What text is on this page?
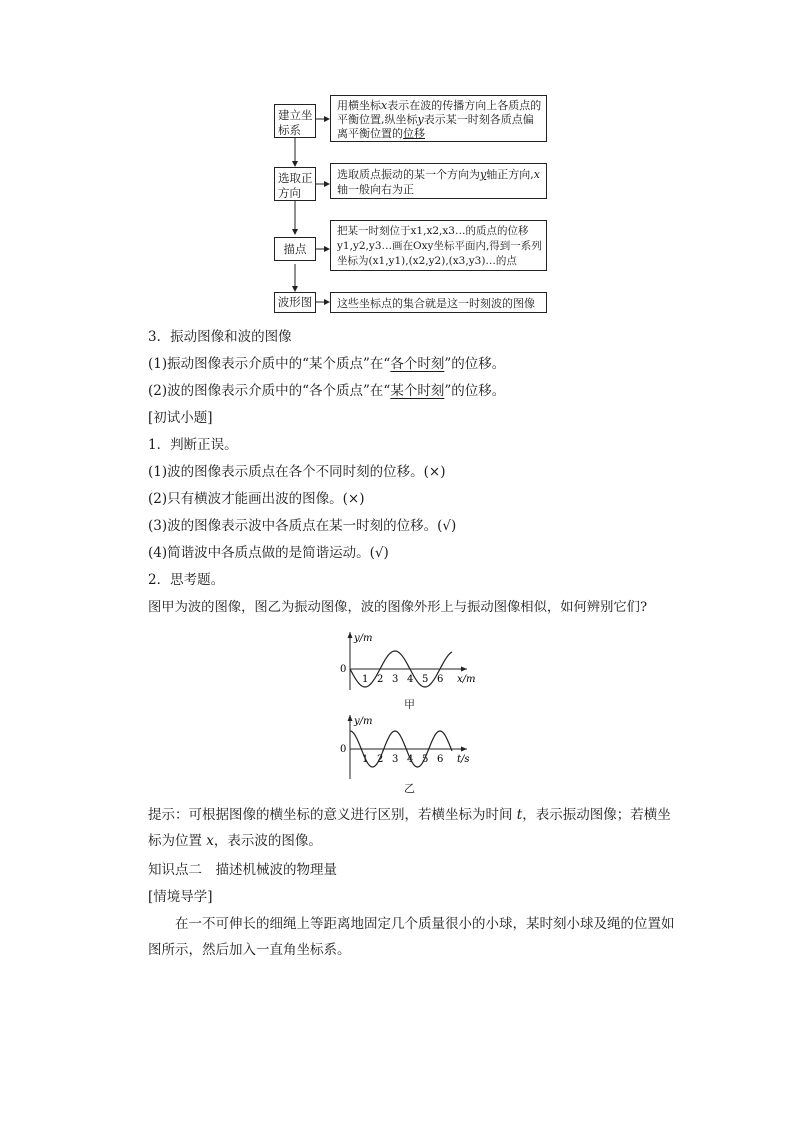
建立坐标系
用横坐标x表示在波的传播方向上各质点的平衡位置,纵坐标y表示某一时刻各质点偏离平衡位置的位移
选取正方向
选取质点振动的某一个方向为y轴正方向,x轴一般向右为正
描点
把某一时刻位于x1,x2,x3…的质点的位移y1,y2,y3…画在Oxy坐标平面内,得到一系列坐标为(x1,y1),(x2,y2),(x3,y3)…的点
波形图	这些坐标点的集合就是这一时刻波的图像
3．振动图像和波的图像
(1)振动图像表示介质中的“某个质点”在“各个时刻”的位移。
(2)波的图像表示介质中的“各个质点”在“某个时刻”的位移。
[初试小题]
1．判断正误。
(1)波的图像表示质点在各个不同时刻的位移。(×)
(2)只有横波才能画出波的图像。(×)
(3)波的图像表示波中各质点在某一时刻的位移。(√)
(4)简谐波中各质点做的是简谐运动。(√)
2．思考题。
图甲为波的图像，图乙为振动图像，波的图像外形上与振动图像相似，如何辨别它们?
y/m
0
x/m
1 2 3 4 5 6
甲
y/m
0
t/s
1 2 3 4 5 6
乙
提示：可根据图像的横坐标的意义进行区别，若横坐标为时间 t，表示振动图像；若横坐标为位置 x，表示波的图像。
知识点二　描述机械波的物理量
[情境导学]
在一不可伸长的细绳上等距离地固定几个质量很小的小球，某时刻小球及绳的位置如图所示，然后加入一直角坐标系。
